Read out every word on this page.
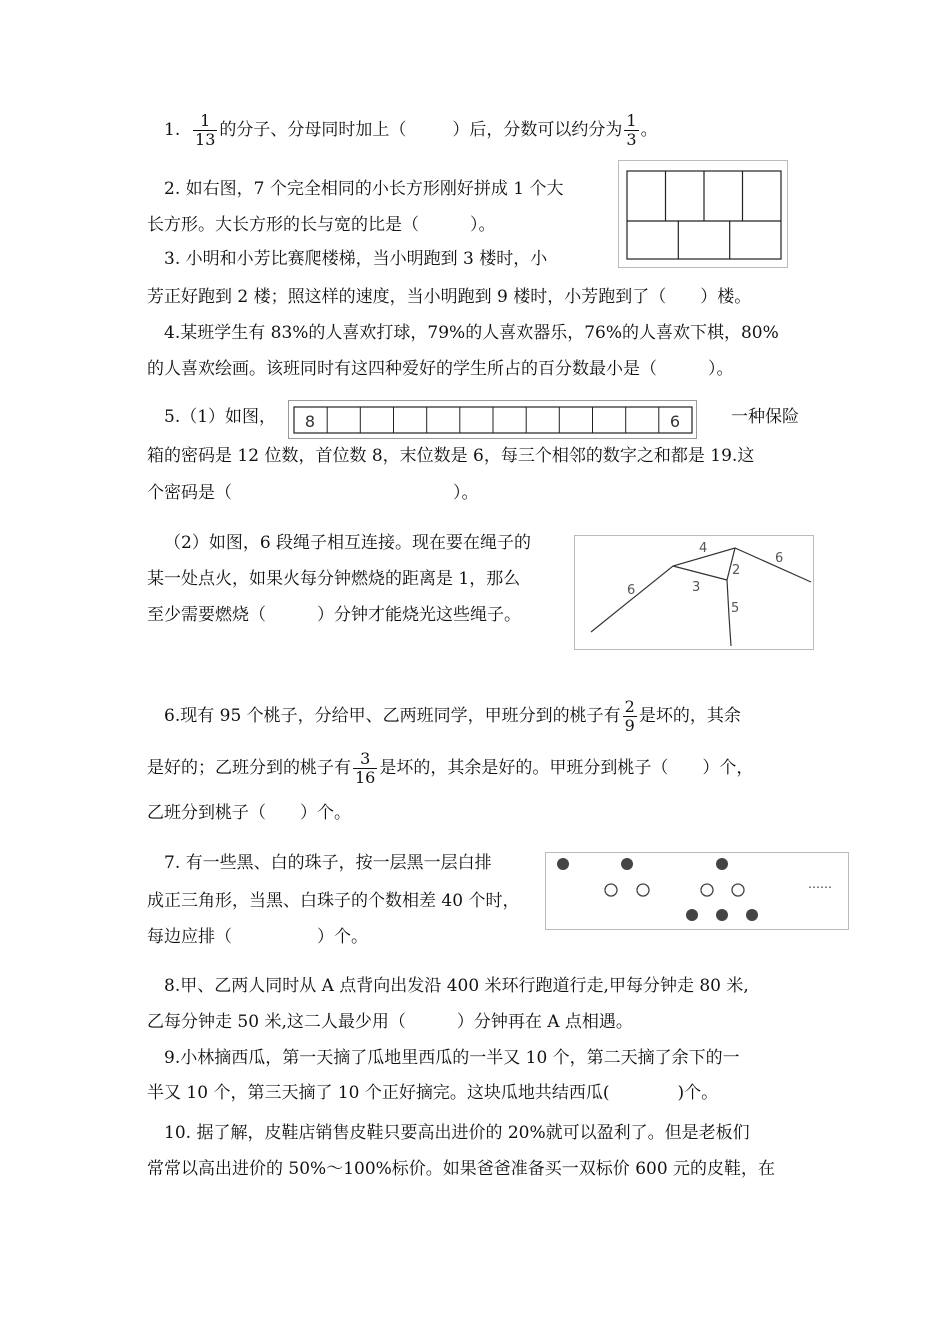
1. $\frac{1}{13}$ 的分子、分母同时加上（	）后，分数可以约分为 $\frac{1}{3}$ 。
2. 如右图，7 个完全相同的小长方形刚好拼成 1 个大
长方形。大长方形的长与宽的比是（　　　）。
3. 小明和小芳比赛爬楼梯，当小明跑到 3 楼时，小
芳正好跑到 2 楼；照这样的速度，当小明跑到 9 楼时，小芳跑到了（　　）楼。
4.某班学生有 83%的人喜欢打球，79%的人喜欢器乐，76%的人喜欢下棋，80%
的人喜欢绘画。该班同时有这四种爱好的学生所占的百分数最小是（　　　）。
5.（1）如图，	一种保险
8	6
箱的密码是 12 位数，首位数 8，末位数是 6，每三个相邻的数字之和都是 19.这
个密码是（　　　　　　　　　　　　　）。
（2）如图，6 段绳子相互连接。现在要在绳子的
某一处点火，如果火每分钟燃烧的距离是 1，那么
至少需要燃烧（　　　）分钟才能烧光这些绳子。
6
4
6
3
2
5
6.现有 95 个桃子，分给甲、乙两班同学，甲班分到的桃子有 $\frac{2}{9}$ 是坏的，其余
是好的；乙班分到的桃子有 $\frac{3}{16}$ 是坏的，其余是好的。甲班分到桃子（　　）个，
乙班分到桃子（　　）个。
7. 有一些黑、白的珠子，按一层黑一层白排
成正三角形，当黑、白珠子的个数相差 40 个时，
每边应排（　　　　　）个。
……
8.甲、乙两人同时从 A 点背向出发沿 400 米环行跑道行走,甲每分钟走 80 米,
乙每分钟走 50 米,这二人最少用（　　　）分钟再在 A 点相遇。
9.小林摘西瓜，第一天摘了瓜地里西瓜的一半又 10 个，第二天摘了余下的一
半又 10 个，第三天摘了 10 个正好摘完。这块瓜地共结西瓜(　　　　)个。
10. 据了解，皮鞋店销售皮鞋只要高出进价的 20%就可以盈利了。但是老板们
常常以高出进价的 50%～100%标价。如果爸爸准备买一双标价 600 元的皮鞋，在
